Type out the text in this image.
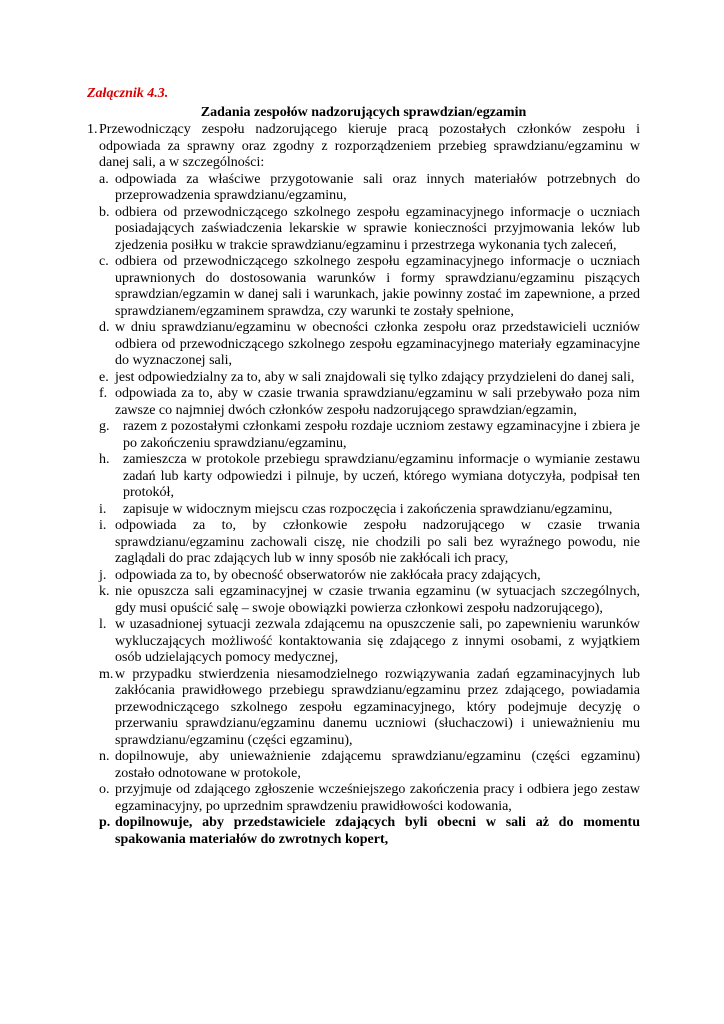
Załącznik 4.3.

Zadania zespołów nadzorujących sprawdzian/egzamin

1. Przewodniczący zespołu nadzorującego kieruje pracą pozostałych członków zespołu i odpowiada za sprawny oraz zgodny z rozporządzeniem przebieg sprawdzianu/egzaminu w danej sali, a w szczególności:
a. odpowiada za właściwe przygotowanie sali oraz innych materiałów potrzebnych do przeprowadzenia sprawdzianu/egzaminu,
b. odbiera od przewodniczącego szkolnego zespołu egzaminacyjnego informacje o uczniach posiadających zaświadczenia lekarskie w sprawie konieczności przyjmowania leków lub zjedzenia posiłku w trakcie sprawdzianu/egzaminu i przestrzega wykonania tych zaleceń,
c. odbiera od przewodniczącego szkolnego zespołu egzaminacyjnego informacje o uczniach uprawnionych do dostosowania warunków i formy sprawdzianu/egzaminu piszących sprawdzian/egzamin w danej sali i warunkach, jakie powinny zostać im zapewnione, a przed sprawdzianem/egzaminem sprawdza, czy warunki te zostały spełnione,
d. w dniu sprawdzianu/egzaminu w obecności członka zespołu oraz przedstawicieli uczniów odbiera od przewodniczącego szkolnego zespołu egzaminacyjnego materiały egzaminacyjne do wyznaczonej sali,
e. jest odpowiedzialny za to, aby w sali znajdowali się tylko zdający przydzieleni do danej sali,
f. odpowiada za to, aby w czasie trwania sprawdzianu/egzaminu w sali przebywało poza nim zawsze co najmniej dwóch członków zespołu nadzorującego sprawdzian/egzamin,
g. razem z pozostałymi członkami zespołu rozdaje uczniom zestawy egzaminacyjne i zbiera je po zakończeniu sprawdzianu/egzaminu,
h. zamieszcza w protokole przebiegu sprawdzianu/egzaminu informacje o wymianie zestawu zadań lub karty odpowiedzi i pilnuje, by uczeń, którego wymiana dotyczyła, podpisał ten protokół,
i. zapisuje w widocznym miejscu czas rozpoczęcia i zakończenia sprawdzianu/egzaminu,
i. odpowiada za to, by członkowie zespołu nadzorującego w czasie trwania sprawdzianu/egzaminu zachowali ciszę, nie chodzili po sali bez wyraźnego powodu, nie zaglądali do prac zdających lub w inny sposób nie zakłócali ich pracy,
j. odpowiada za to, by obecność obserwatorów nie zakłócała pracy zdających,
k. nie opuszcza sali egzaminacyjnej w czasie trwania egzaminu (w sytuacjach szczególnych, gdy musi opuścić salę – swoje obowiązki powierza członkowi zespołu nadzorującego),
l. w uzasadnionej sytuacji zezwala zdającemu na opuszczenie sali, po zapewnieniu warunków wykluczających możliwość kontaktowania się zdającego z innymi osobami, z wyjątkiem osób udzielających pomocy medycznej,
m. w przypadku stwierdzenia niesamodzielnego rozwiązywania zadań egzaminacyjnych lub zakłócania prawidłowego przebiegu sprawdzianu/egzaminu przez zdającego, powiadamia przewodniczącego szkolnego zespołu egzaminacyjnego, który podejmuje decyzję o przerwaniu sprawdzianu/egzaminu danemu uczniowi (słuchaczowi) i unieważnieniu mu sprawdzianu/egzaminu (części egzaminu),
n. dopilnowuje, aby unieważnienie zdającemu sprawdzianu/egzaminu (części egzaminu) zostało odnotowane w protokole,
o. przyjmuje od zdającego zgłoszenie wcześniejszego zakończenia pracy i odbiera jego zestaw egzaminacyjny, po uprzednim sprawdzeniu prawidłowości kodowania,
p. dopilnowuje, aby przedstawiciele zdających byli obecni w sali aż do momentu spakowania materiałów do zwrotnych kopert,
